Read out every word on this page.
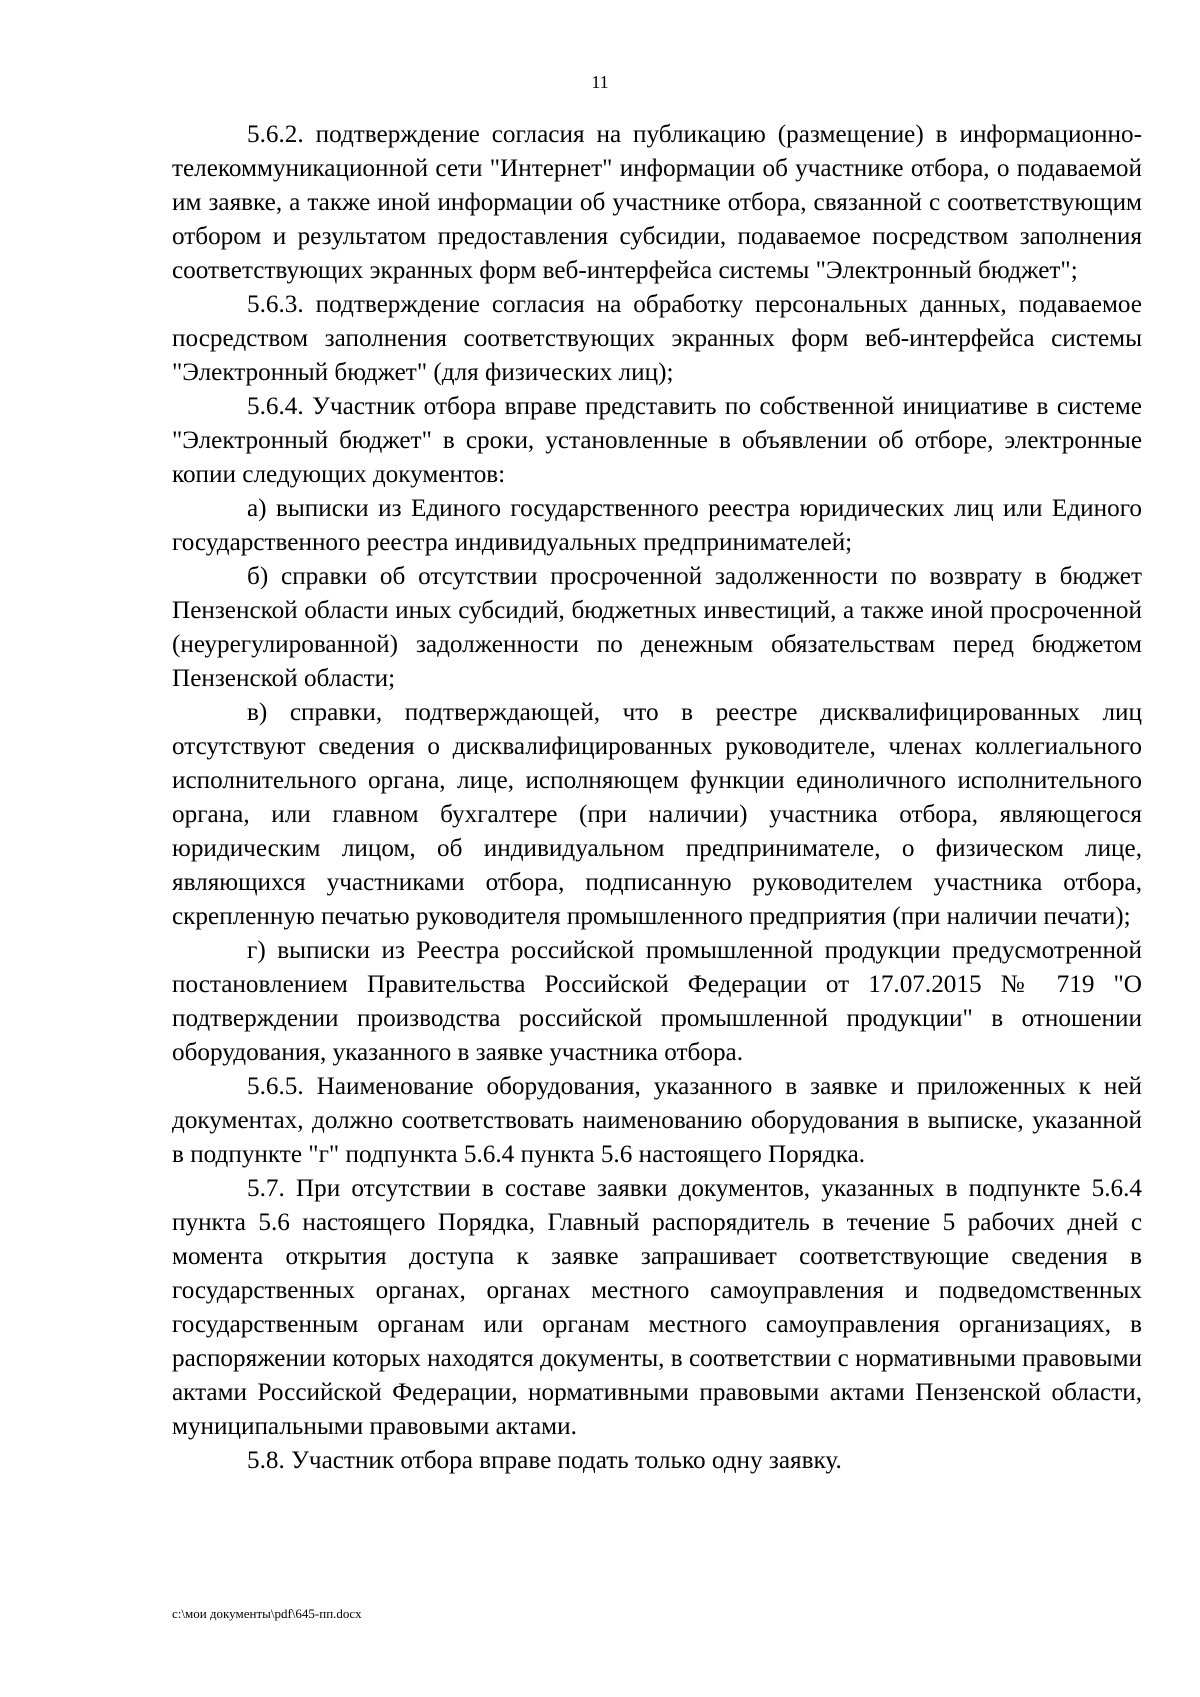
11

5.6.2. подтверждение согласия на публикацию (размещение) в информационно-телекоммуникационной сети "Интернет" информации об участнике отбора, о подаваемой им заявке, а также иной информации об участнике отбора, связанной с соответствующим отбором и результатом предоставления субсидии, подаваемое посредством заполнения соответствующих экранных форм веб-интерфейса системы "Электронный бюджет";

5.6.3. подтверждение согласия на обработку персональных данных, подаваемое посредством заполнения соответствующих экранных форм веб-интерфейса системы "Электронный бюджет" (для физических лиц);

5.6.4. Участник отбора вправе представить по собственной инициативе в системе "Электронный бюджет" в сроки, установленные в объявлении об отборе, электронные копии следующих документов:

а) выписки из Единого государственного реестра юридических лиц или Единого государственного реестра индивидуальных предпринимателей;

б) справки об отсутствии просроченной задолженности по возврату в бюджет Пензенской области иных субсидий, бюджетных инвестиций, а также иной просроченной (неурегулированной) задолженности по денежным обязательствам перед бюджетом Пензенской области;

в) справки, подтверждающей, что в реестре дисквалифицированных лиц отсутствуют сведения о дисквалифицированных руководителе, членах коллегиального исполнительного органа, лице, исполняющем функции единоличного исполнительного органа, или главном бухгалтере (при наличии) участника отбора, являющегося юридическим лицом, об индивидуальном предпринимателе, о физическом лице, являющихся участниками отбора, подписанную руководителем участника отбора, скрепленную печатью руководителя промышленного предприятия (при наличии печати);

г) выписки из Реестра российской промышленной продукции предусмотренной постановлением Правительства Российской Федерации от 17.07.2015 № 719 "О подтверждении производства российской промышленной продукции" в отношении оборудования, указанного в заявке участника отбора.

5.6.5. Наименование оборудования, указанного в заявке и приложенных к ней документах, должно соответствовать наименованию оборудования в выписке, указанной в подпункте "г" подпункта 5.6.4 пункта 5.6 настоящего Порядка.

5.7. При отсутствии в составе заявки документов, указанных в подпункте 5.6.4 пункта 5.6 настоящего Порядка, Главный распорядитель в течение 5 рабочих дней с момента открытия доступа к заявке запрашивает соответствующие сведения в государственных органах, органах местного самоуправления и подведомственных государственным органам или органам местного самоуправления организациях, в распоряжении которых находятся документы, в соответствии с нормативными правовыми актами Российской Федерации, нормативными правовыми актами Пензенской области, муниципальными правовыми актами.

5.8. Участник отбора вправе подать только одну заявку.

c:\мои документы\pdf\645-пп.docx
